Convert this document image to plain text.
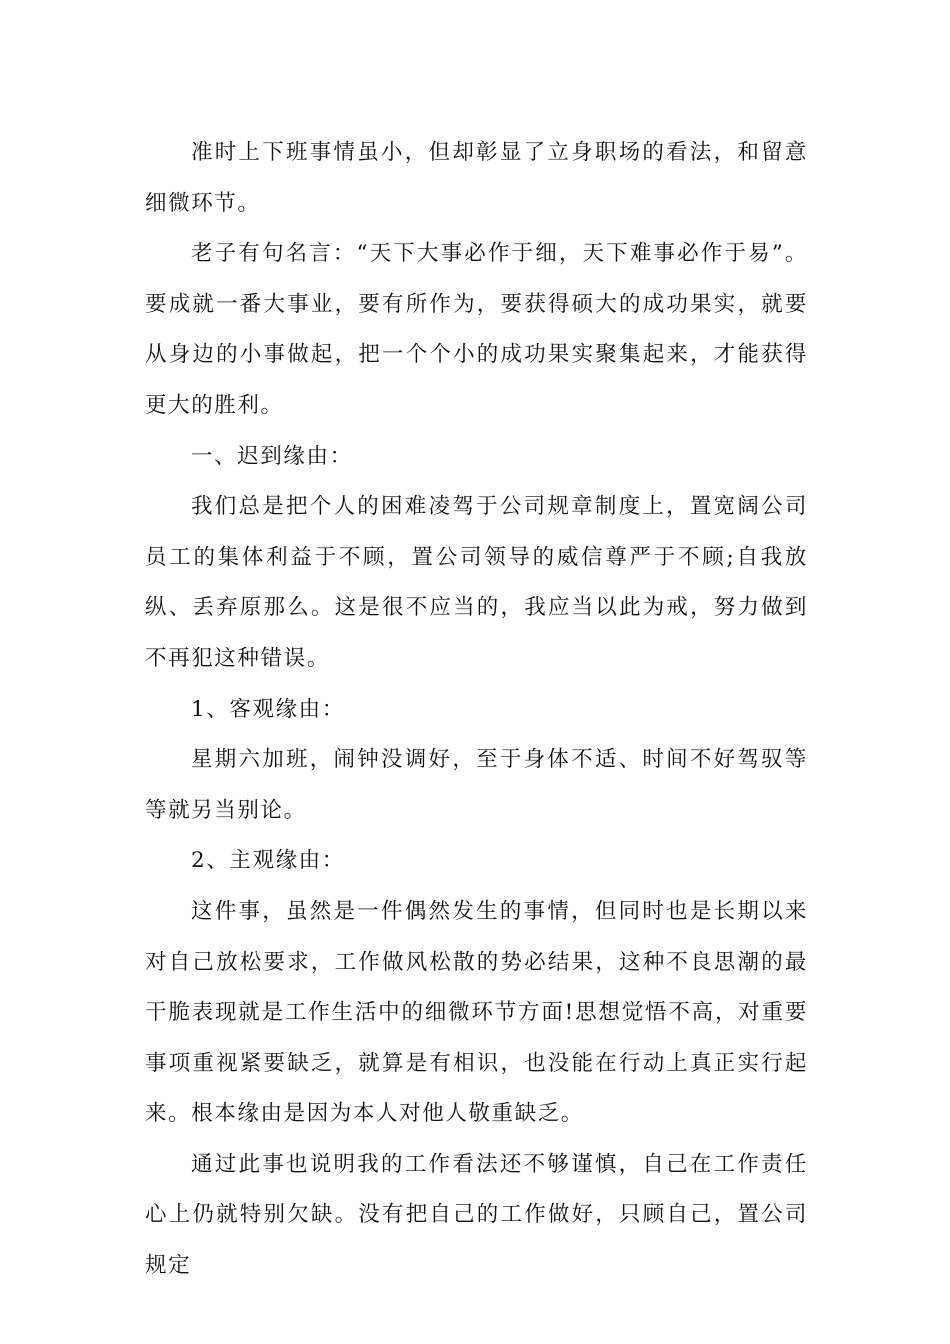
准时上下班事情虽小，但却彰显了立身职场的看法，和留意细微环节。

老子有句名言：“天下大事必作于细，天下难事必作于易”。要成就一番大事业，要有所作为，要获得硕大的成功果实，就要从身边的小事做起，把一个个小的成功果实聚集起来，才能获得更大的胜利。

一、迟到缘由：

我们总是把个人的困难凌驾于公司规章制度上，置宽阔公司员工的集体利益于不顾，置公司领导的威信尊严于不顾;自我放纵、丢弃原那么。这是很不应当的，我应当以此为戒，努力做到不再犯这种错误。

1、客观缘由：

星期六加班，闹钟没调好，至于身体不适、时间不好驾驭等等就另当别论。

2、主观缘由：

这件事，虽然是一件偶然发生的事情，但同时也是长期以来对自己放松要求，工作做风松散的势必结果，这种不良思潮的最干脆表现就是工作生活中的细微环节方面!思想觉悟不高，对重要事项重视紧要缺乏，就算是有相识，也没能在行动上真正实行起来。根本缘由是因为本人对他人敬重缺乏。

通过此事也说明我的工作看法还不够谨慎，自己在工作责任心上仍就特别欠缺。没有把自己的工作做好，只顾自己，置公司规定
